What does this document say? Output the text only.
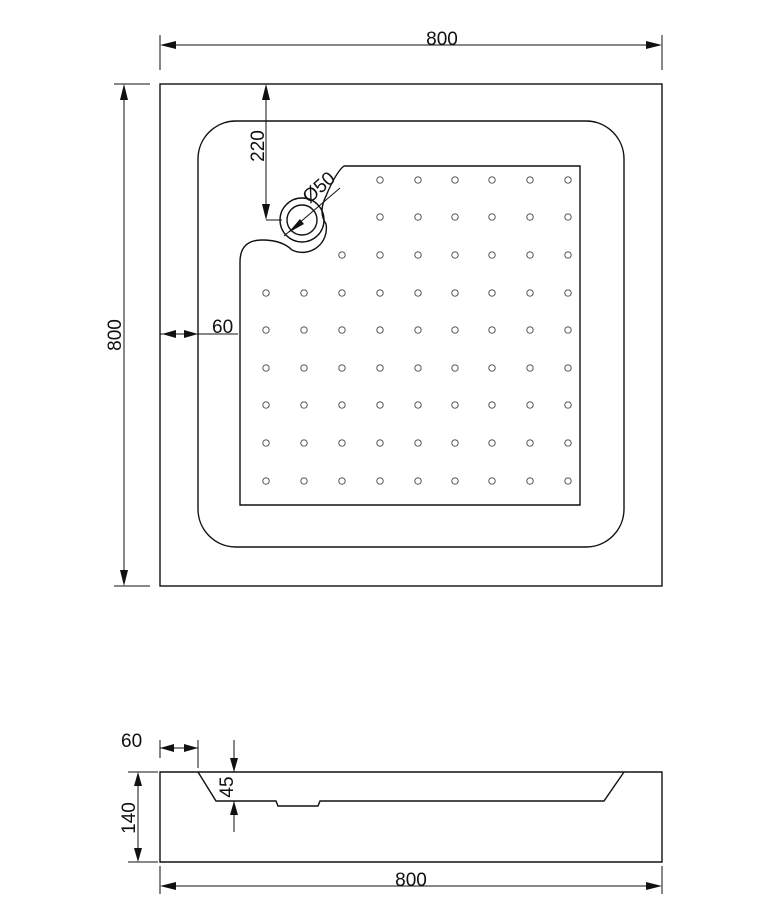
800
800
220
Ø50
60
60
140
45
800
